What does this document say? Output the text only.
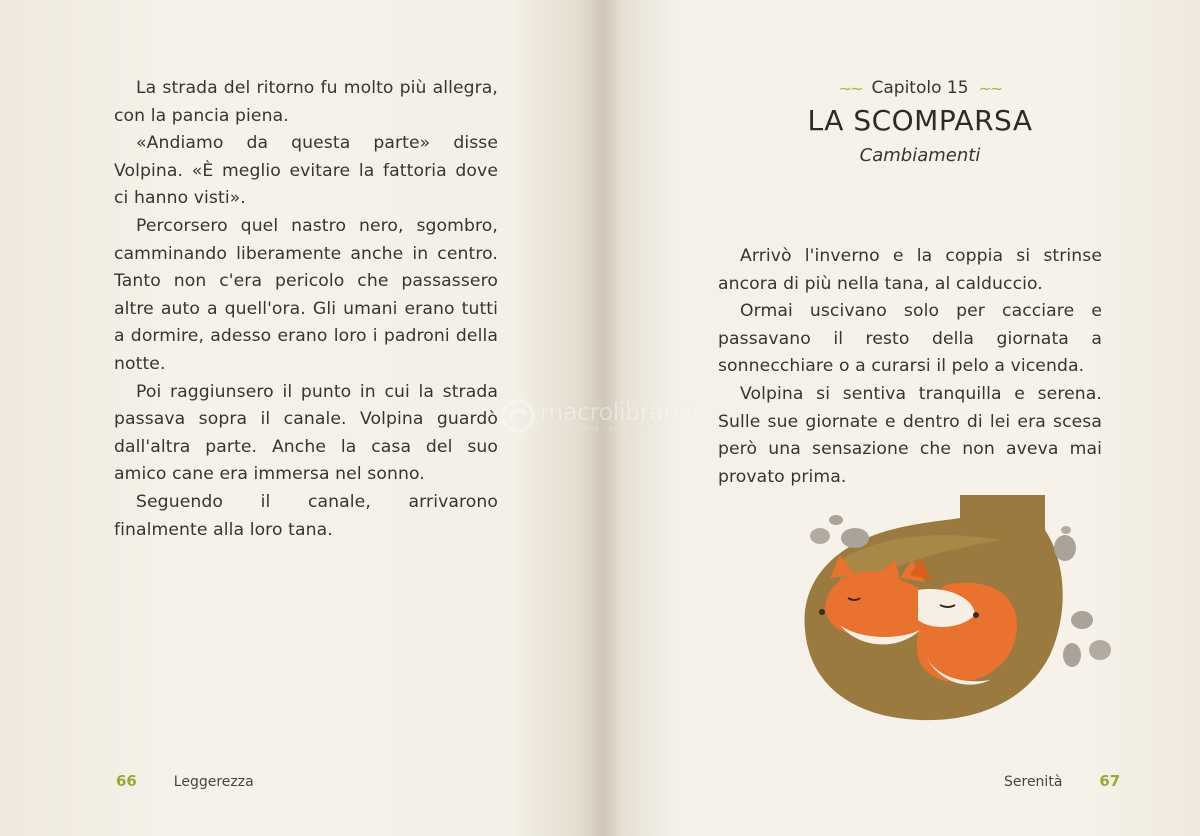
La strada del ritorno fu molto più allegra, con la pancia piena.

«Andiamo da questa parte» disse Volpina. «È meglio evitare la fattoria dove ci hanno visti».

Percorsero quel nastro nero, sgombro, camminando liberamente anche in centro. Tanto non c'era pericolo che passassero altre auto a quell'ora. Gli umani erano tutti a dormire, adesso erano loro i padroni della notte.

Poi raggiunsero il punto in cui la strada passava sopra il canale. Volpina guardò dall'altra parte. Anche la casa del suo amico cane era immersa nel sonno.

Seguendo il canale, arrivarono finalmente alla loro tana.

66	Leggerezza
~~ Capitolo 15 ~~
LA SCOMPARSA
Cambiamenti

Arrivò l'inverno e la coppia si strinse ancora di più nella tana, al calduccio.

Ormai uscivano solo per cacciare e passavano il resto della giornata a sonnecchiare o a curarsi il pelo a vicenda.

Volpina si sentiva tranquilla e serena. Sulle sue giornate e dentro di lei era scesa però una sensazione che non aveva mai provato prima.

Serenità 67
macrolibrarsi
informazione consapevole
